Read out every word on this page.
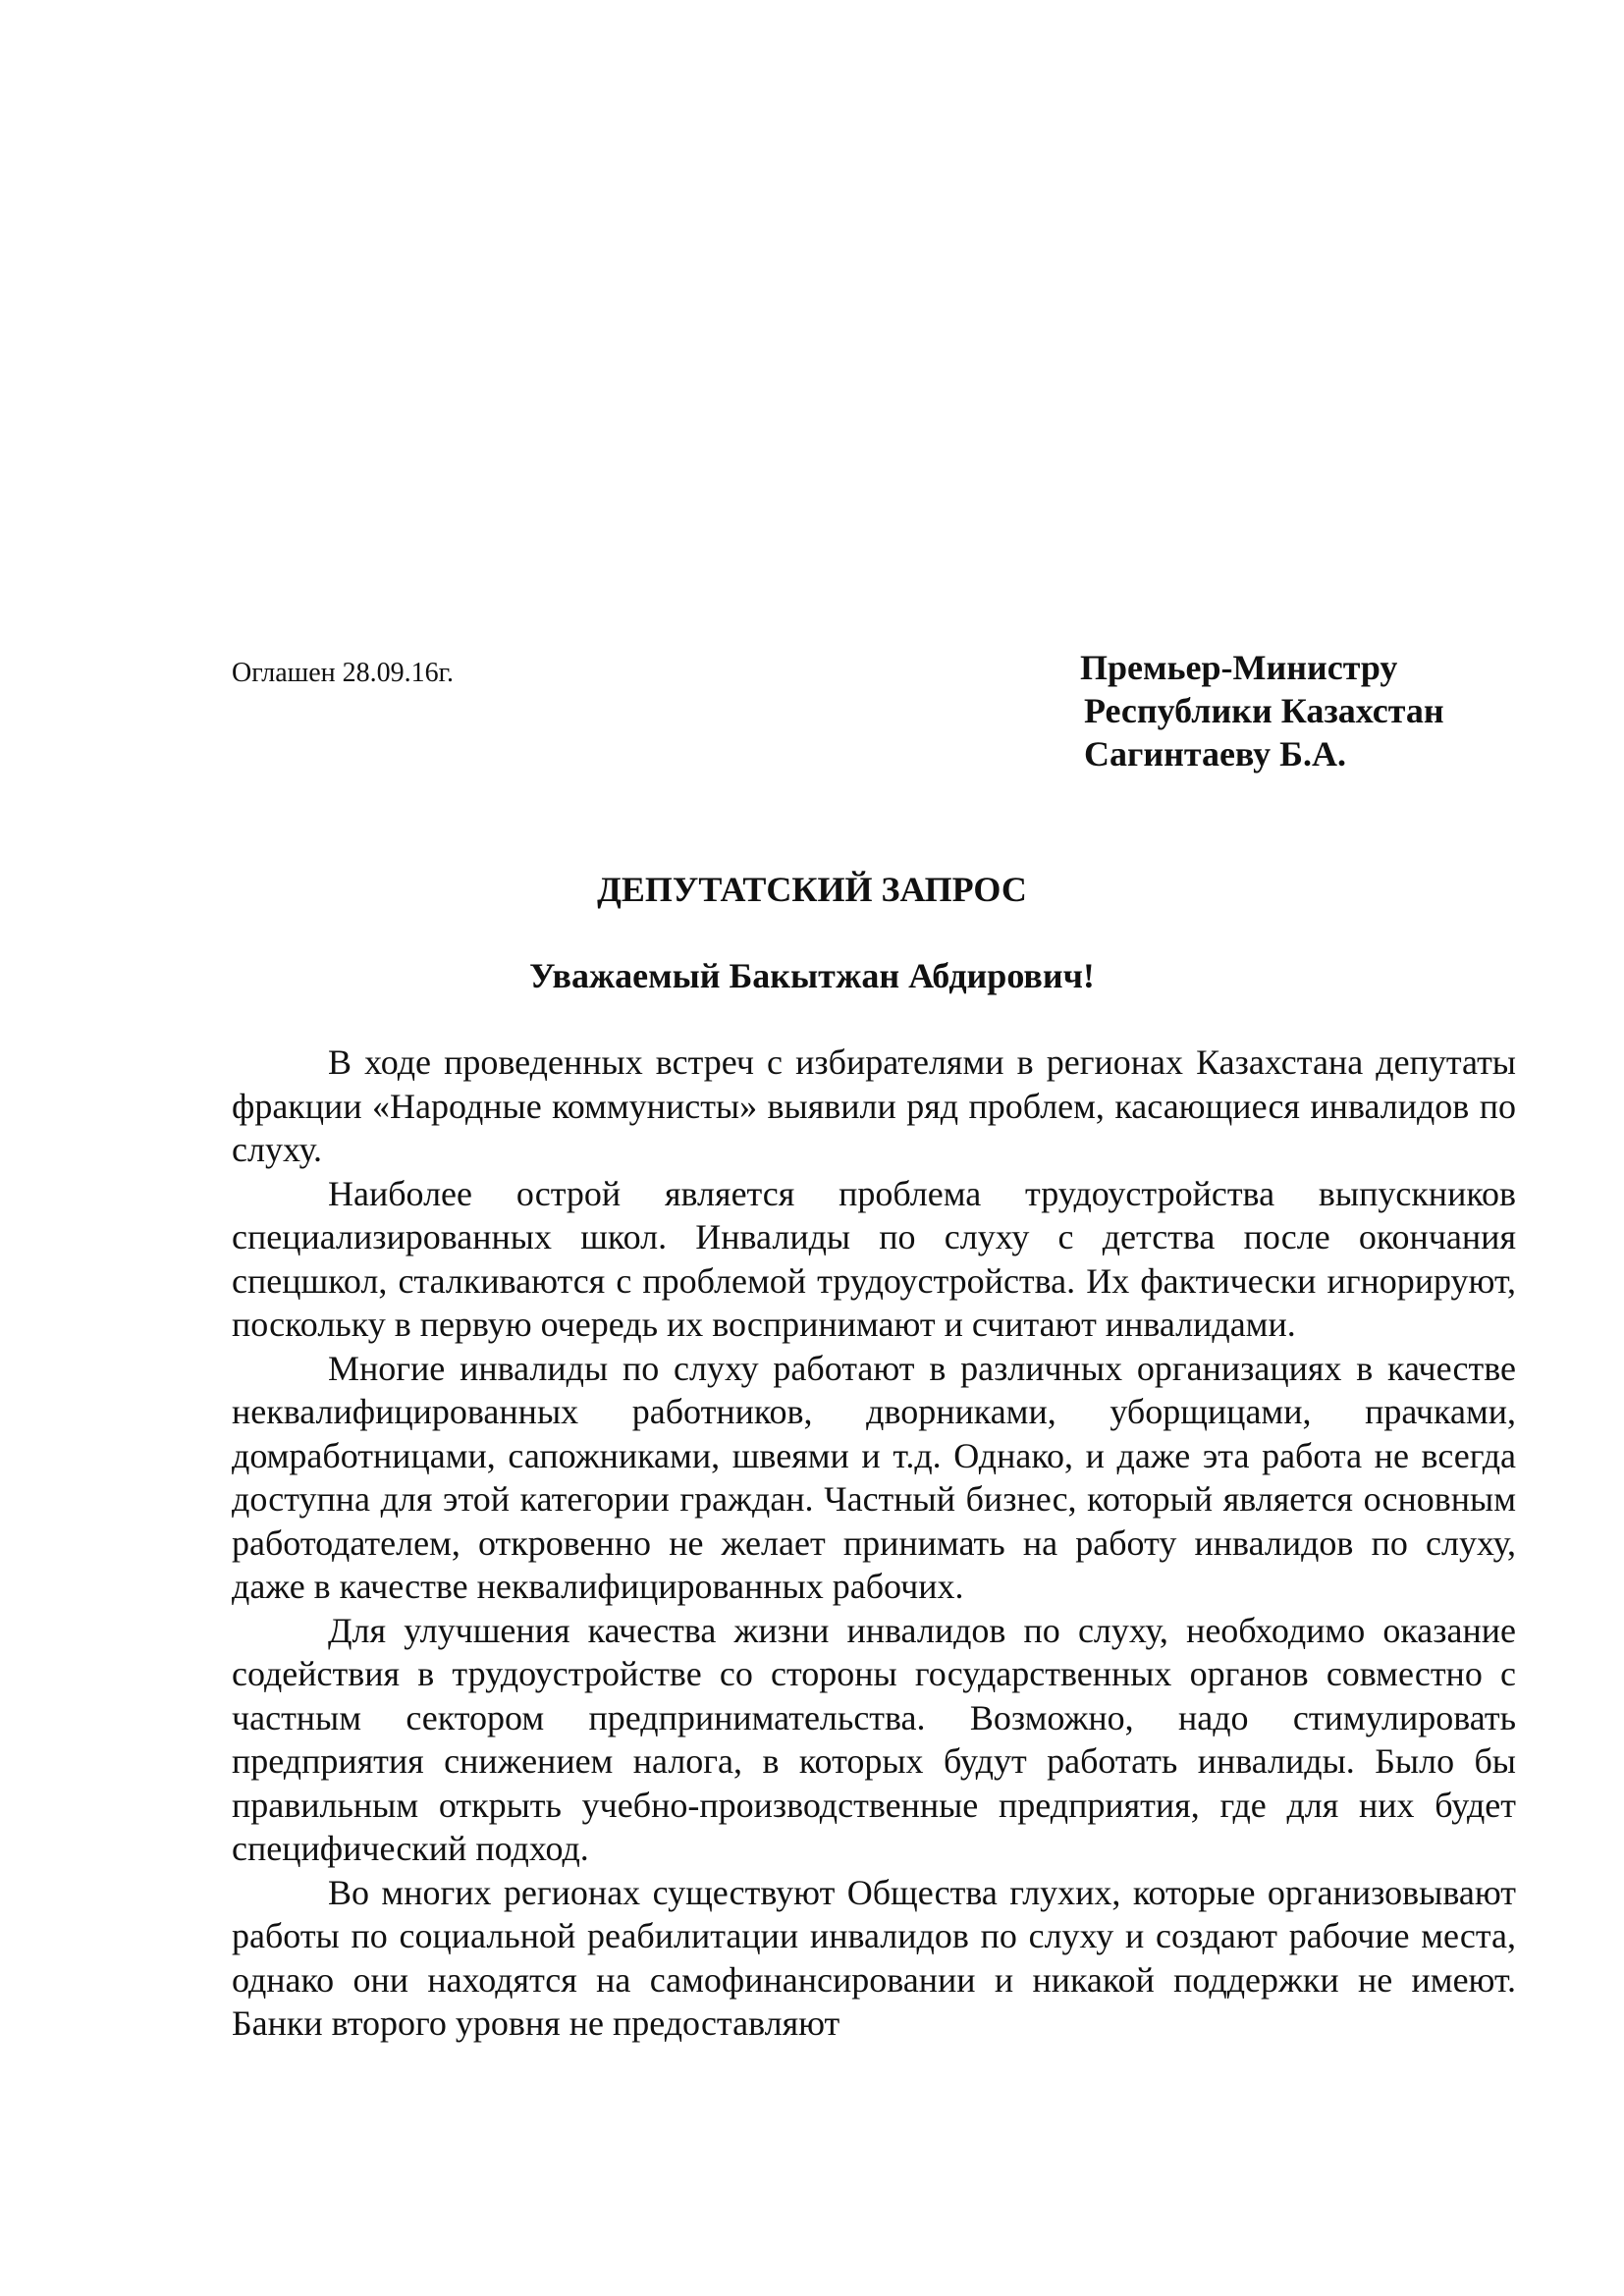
Оглашен 28.09.16г.	Премьер-Министру
Республики Казахстан
Сагинтаеву Б.А.
ДЕПУТАТСКИЙ ЗАПРОС
Уважаемый Бакытжан Абдирович!

В ходе проведенных встреч с избирателями в регионах Казахстана депутаты фракции «Народные коммунисты» выявили ряд проблем, касающиеся инвалидов по слуху.

Наиболее острой является проблема трудоустройства выпускников специализированных школ. Инвалиды по слуху с детства после окончания спецшкол, сталкиваются с проблемой трудоустройства. Их фактически игнорируют, поскольку в первую очередь их воспринимают и считают инвалидами.

Многие инвалиды по слуху работают в различных организациях в качестве неквалифицированных работников, дворниками, уборщицами, прачками, домработницами, сапожниками, швеями и т.д. Однако, и даже эта работа не всегда доступна для этой категории граждан. Частный бизнес, который является основным работодателем, откровенно не желает принимать на работу инвалидов по слуху, даже в качестве неквалифицированных рабочих.

Для улучшения качества жизни инвалидов по слуху, необходимо оказание содействия в трудоустройстве со стороны государственных органов совместно с частным сектором предпринимательства. Возможно, надо стимулировать предприятия снижением налога, в которых будут работать инвалиды. Было бы правильным открыть учебно-производственные предприятия, где для них будет специфический подход.

Во многих регионах существуют Общества глухих, которые организовывают работы по социальной реабилитации инвалидов по слуху и создают рабочие места, однако они находятся на самофинансировании и никакой поддержки не имеют. Банки второго уровня не предоставляют
